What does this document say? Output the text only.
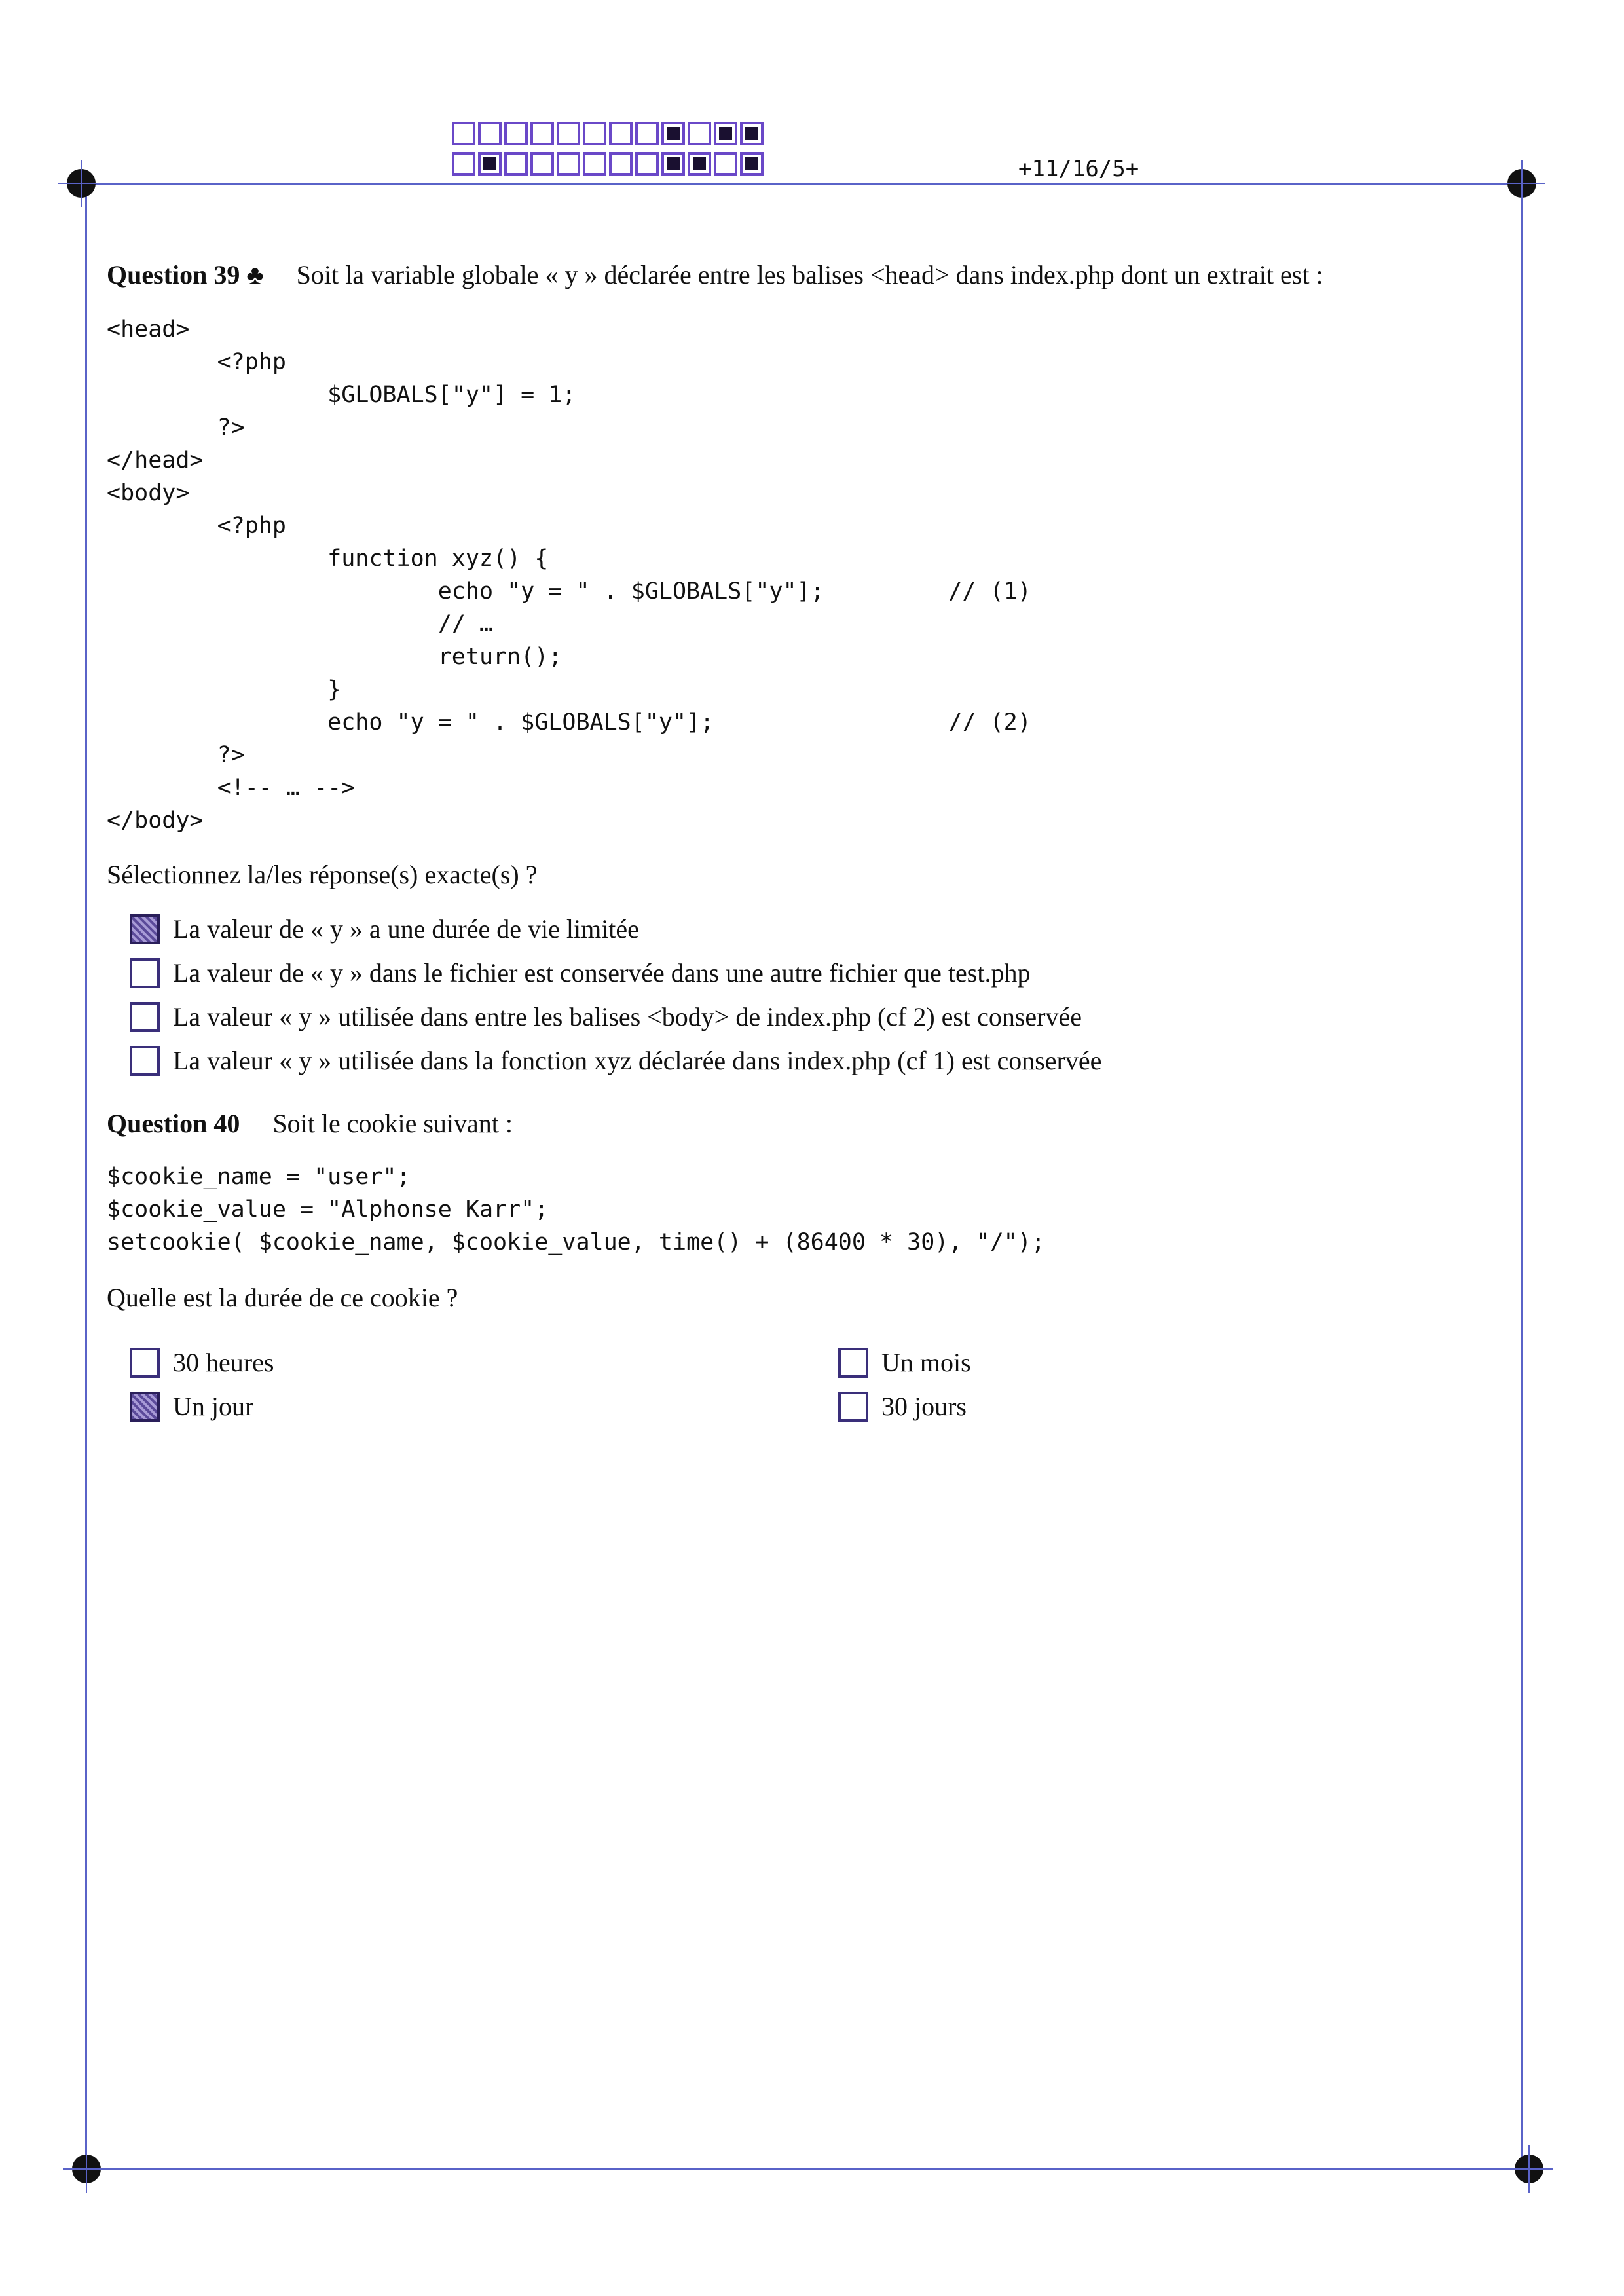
+11/16/5+
Question 39 ♣ Soit la variable globale « y » déclarée entre les balises <head> dans index.php dont un extrait est :
<head>
<?php
$GLOBALS["y"] = 1;
?>
</head>
<body>
<?php
function xyz() {
echo "y = " . $GLOBALS["y"];         // (1)
// …
return();
}
echo "y = " . $GLOBALS["y"];                 // (2)
?>
<!-- … -->
</body>
Sélectionnez la/les réponse(s) exacte(s) ?
La valeur de « y » a une durée de vie limitée
La valeur de « y » dans le fichier est conservée dans une autre fichier que test.php
La valeur « y » utilisée dans entre les balises <body> de index.php (cf 2) est conservée
La valeur « y » utilisée dans la fonction xyz déclarée dans index.php (cf 1) est conservée
Question 40 Soit le cookie suivant :
$cookie_name = "user";
$cookie_value = "Alphonse Karr";
setcookie( $cookie_name, $cookie_value, time() + (86400 * 30), "/");
Quelle est la durée de ce cookie ?
30 heures
Un jour
Un mois
30 jours
